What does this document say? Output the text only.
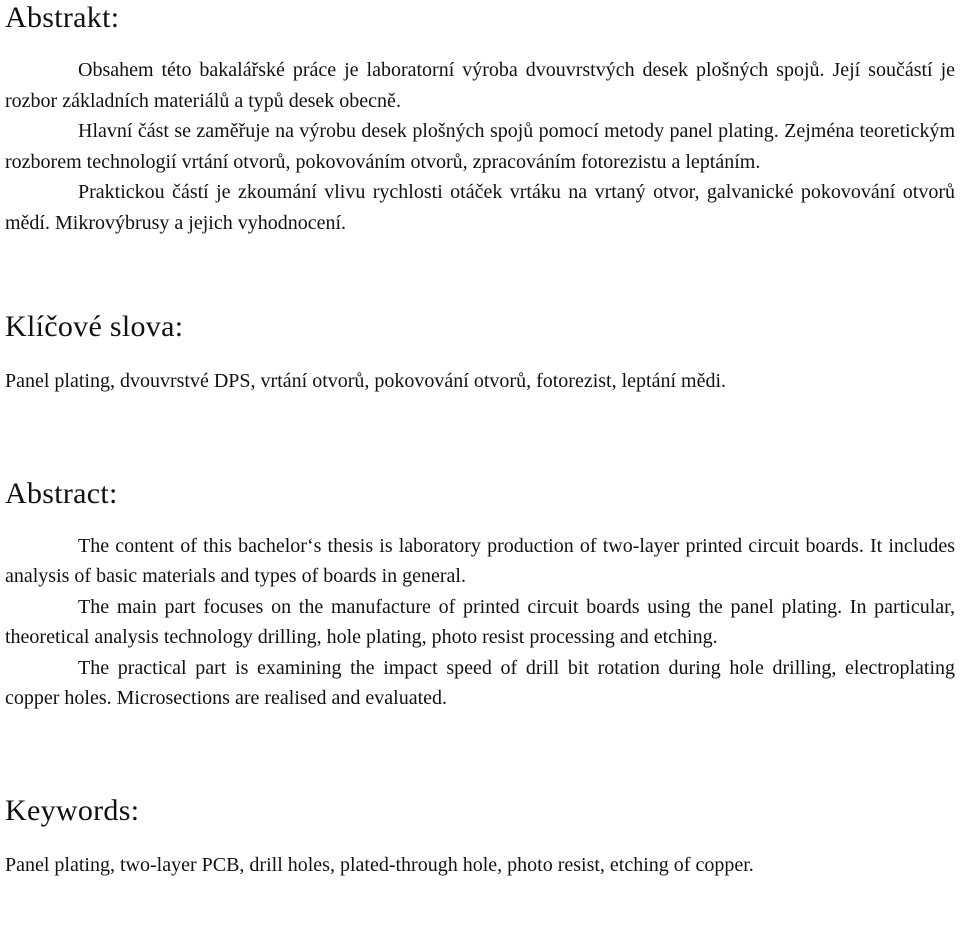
Abstrakt:

Obsahem této bakalářské práce je laboratorní výroba dvouvrstvých desek plošných spojů. Její součástí je rozbor základních materiálů a typů desek obecně.

Hlavní část se zaměřuje na výrobu desek plošných spojů pomocí metody panel plating. Zejména teoretickým rozborem technologií vrtání otvorů, pokovováním otvorů, zpracováním fotorezistu a leptáním.

Praktickou částí je zkoumání vlivu rychlosti otáček vrtáku na vrtaný otvor, galvanické pokovování otvorů mědí. Mikrovýbrusy a jejich vyhodnocení.

Klíčové slova:

Panel plating, dvouvrstvé DPS, vrtání otvorů, pokovování otvorů, fotorezist, leptání mědi.

Abstract:

The content of this bachelor‘s thesis is laboratory production of two-layer printed circuit boards. It includes analysis of basic materials and types of boards in general.

The main part focuses on the manufacture of printed circuit boards using the panel plating. In particular, theoretical analysis technology drilling, hole plating, photo resist processing and etching.

The practical part is examining the impact speed of drill bit rotation during hole drilling, electroplating copper holes. Microsections are realised and evaluated.

Keywords:

Panel plating, two-layer PCB, drill holes, plated-through hole, photo resist, etching of copper.
